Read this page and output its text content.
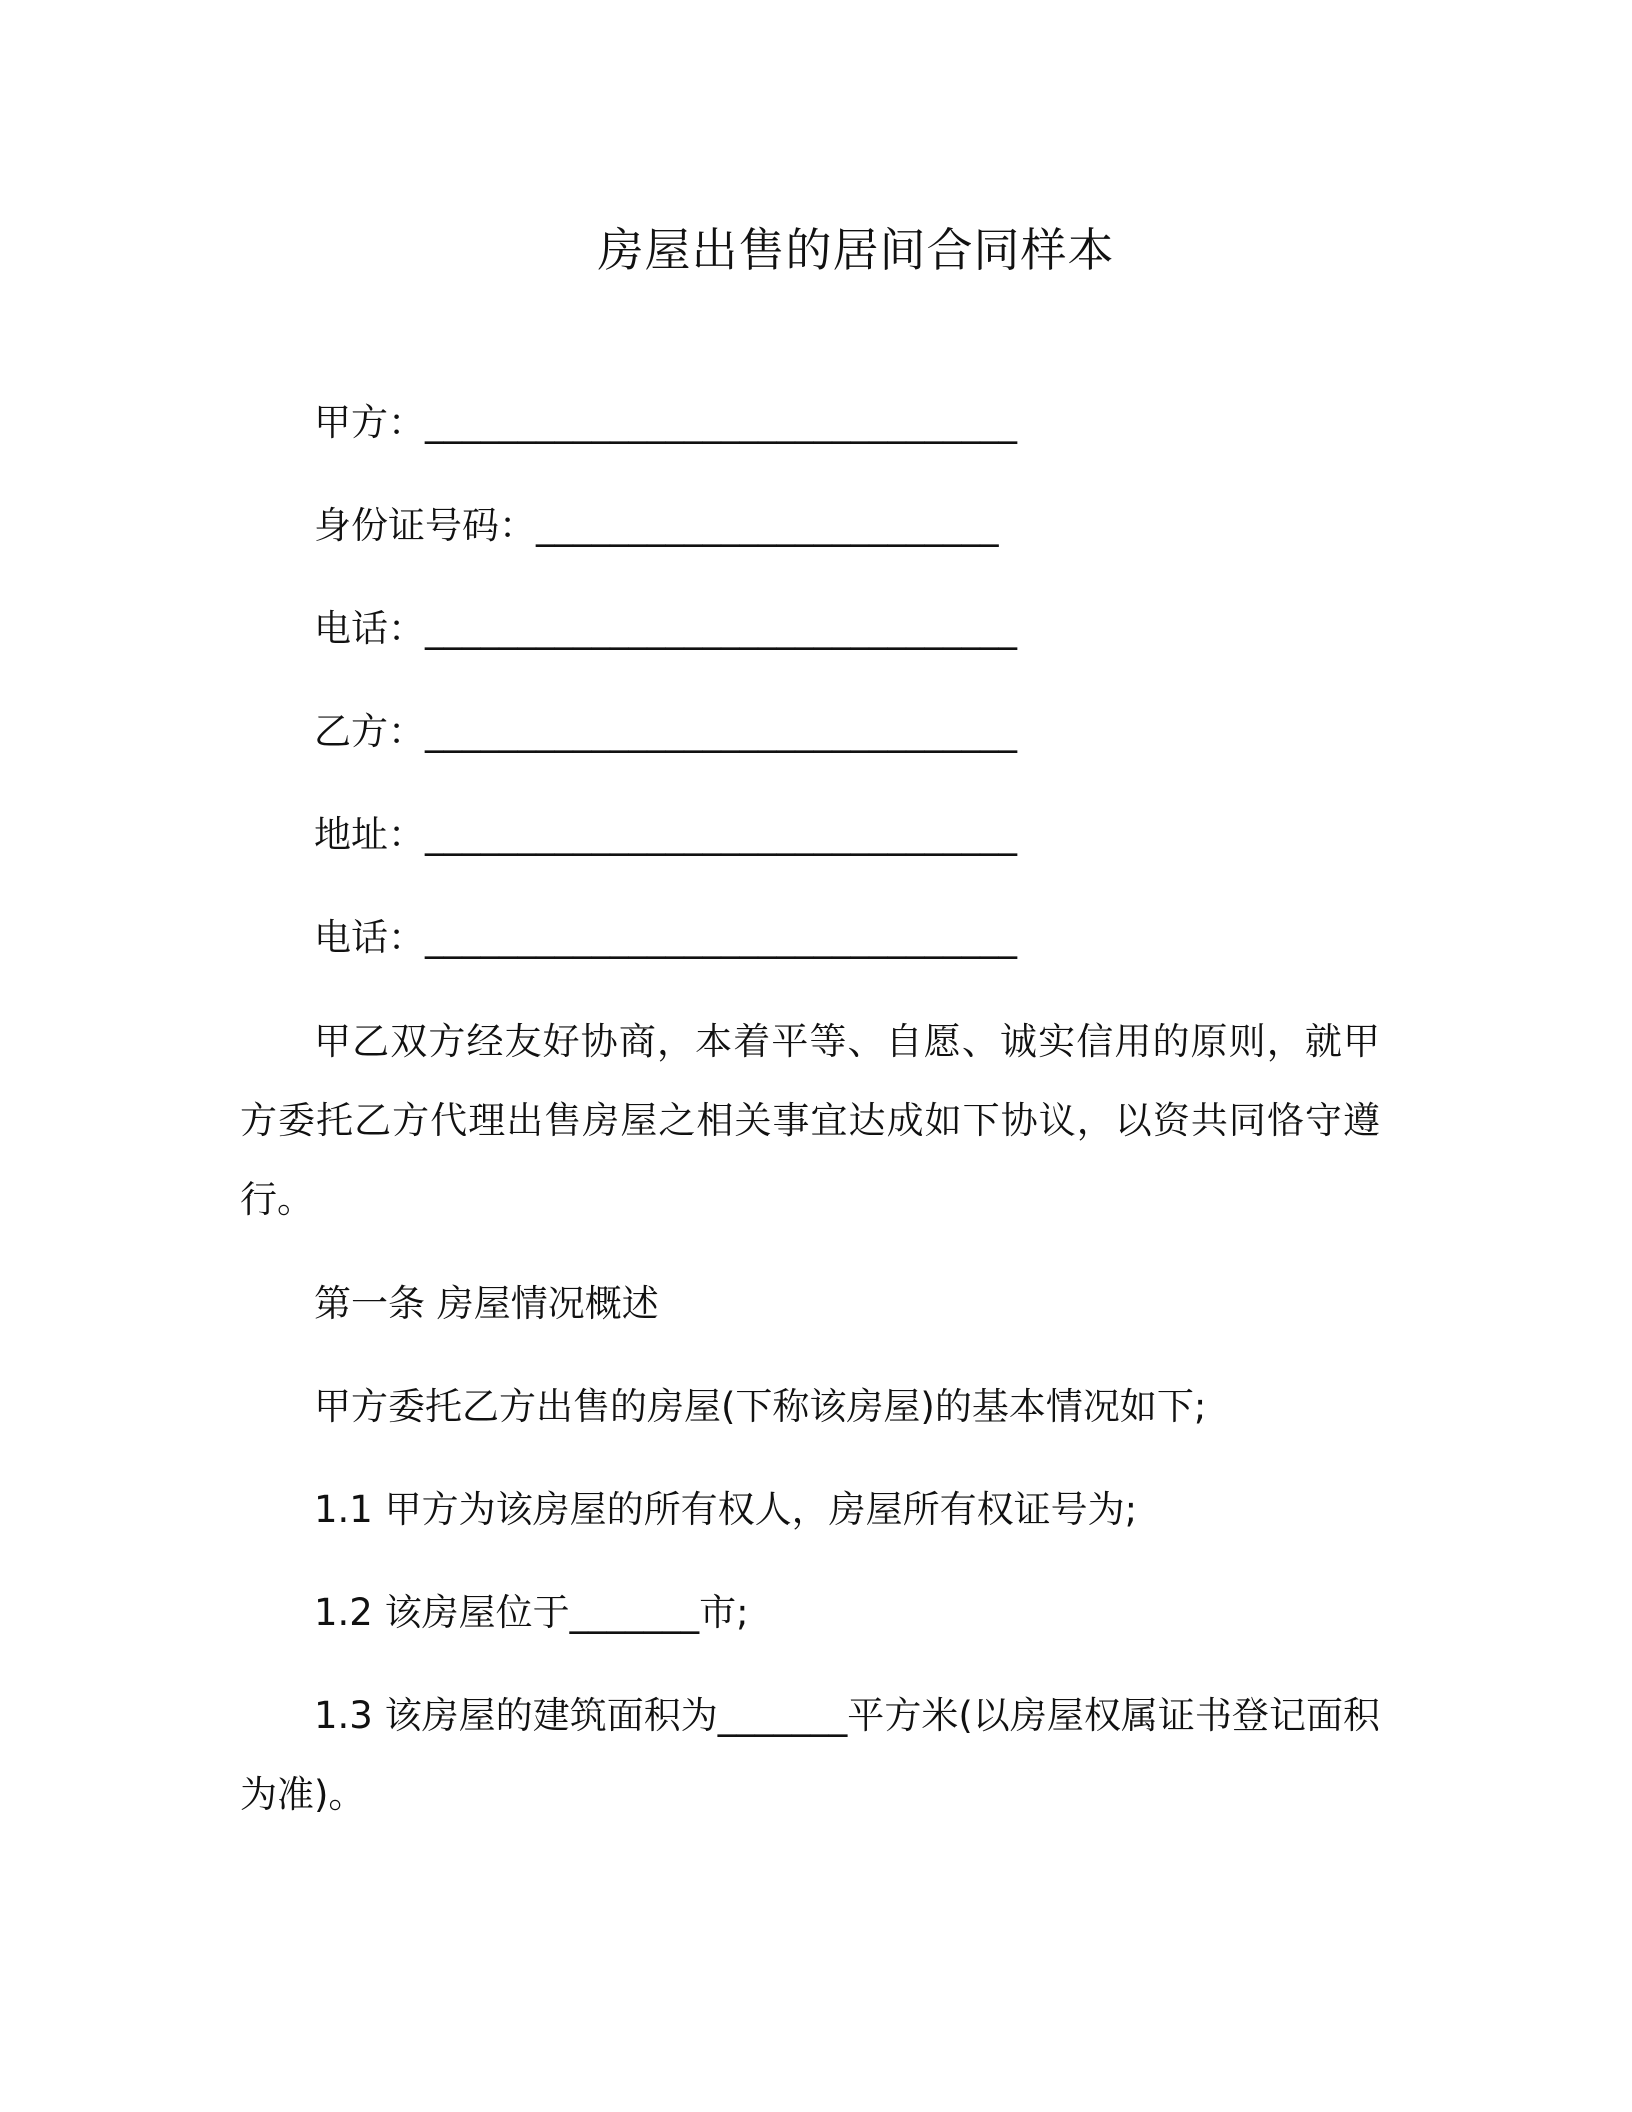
房屋出售的居间合同样本
甲方：________________________________
身份证号码：_________________________
电话：________________________________
乙方：________________________________
地址：________________________________
电话：________________________________
甲乙双方经友好协商，本着平等、自愿、诚实信用的原则，就甲方委托乙方代理出售房屋之相关事宜达成如下协议，以资共同恪守遵行。
第一条 房屋情况概述
甲方委托乙方出售的房屋(下称该房屋)的基本情况如下;
1.1 甲方为该房屋的所有权人，房屋所有权证号为;
1.2 该房屋位于_______市;
1.3 该房屋的建筑面积为_______平方米(以房屋权属证书登记面积为准)。
